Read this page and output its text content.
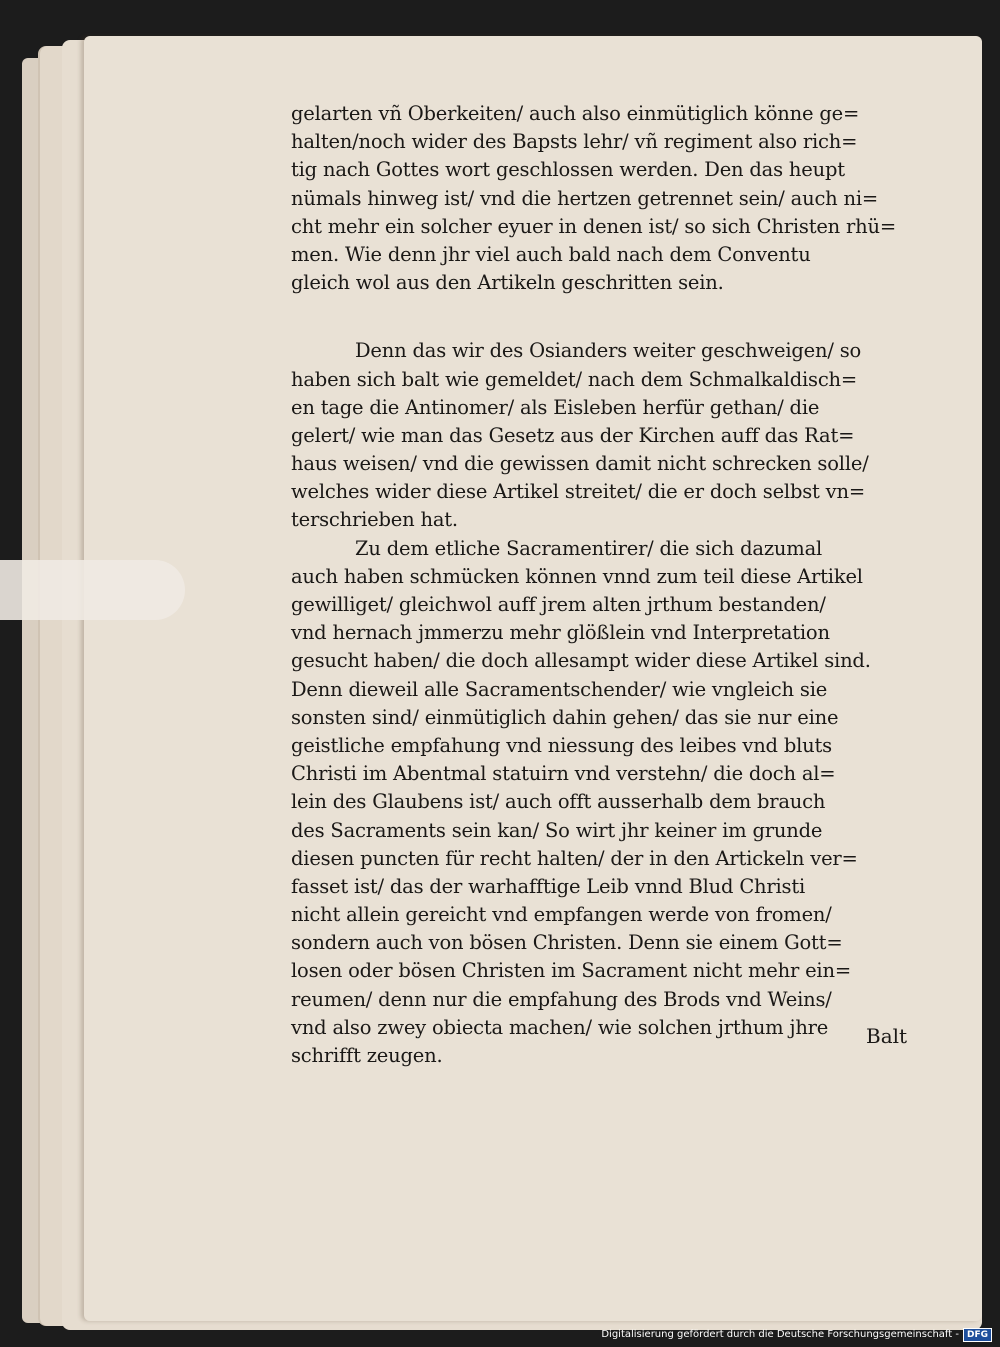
gelarten vñ Oberkeiten/ auch also einmütiglich könne ge=
halten/noch wider des Bapsts lehr/ vñ regiment also rich=
tig nach Gottes wort geschlossen werden. Den das heupt
nümals hinweg ist/ vnd die hertzen getrennet sein/ auch ni=
cht mehr ein solcher eyuer in denen ist/ so sich Christen rhü=
men. Wie denn jhr viel auch bald nach dem Conventu
gleich wol aus den Artikeln geschritten sein.
Denn das wir des Osianders weiter geschweigen/ so
haben sich balt wie gemeldet/ nach dem Schmalkaldisch=
en tage die Antinomer/ als Eisleben herfür gethan/ die
gelert/ wie man das Gesetz aus der Kirchen auff das Rat=
haus weisen/ vnd die gewissen damit nicht schrecken solle/
welches wider diese Artikel streitet/ die er doch selbst vn=
terschrieben hat.
Zu dem etliche Sacramentirer/ die sich dazumal
auch haben schmücken können vnnd zum teil diese Artikel
gewilliget/ gleichwol auff jrem alten jrthum bestanden/
vnd hernach jmmerzu mehr glößlein vnd Interpretation
gesucht haben/ die doch allesampt wider diese Artikel sind.
Denn dieweil alle Sacramentschender/ wie vngleich sie
sonsten sind/ einmütiglich dahin gehen/ das sie nur eine
geistliche empfahung vnd niessung des leibes vnd bluts
Christi im Abentmal statuirn vnd verstehn/ die doch al=
lein des Glaubens ist/ auch offt ausserhalb dem brauch
des Sacraments sein kan/ So wirt jhr keiner im grunde
diesen puncten für recht halten/ der in den Artickeln ver=
fasset ist/ das der warhafftige Leib vnnd Blud Christi
nicht allein gereicht vnd empfangen werde von fromen/
sondern auch von bösen Christen. Denn sie einem Gott=
losen oder bösen Christen im Sacrament nicht mehr ein=
reumen/ denn nur die empfahung des Brods vnd Weins/
vnd also zwey obiecta machen/ wie solchen jrthum jhre
schrifft zeugen.
Balt
Digitalisierung gefördert durch die Deutsche Forschungsgemeinschaft - DFG
